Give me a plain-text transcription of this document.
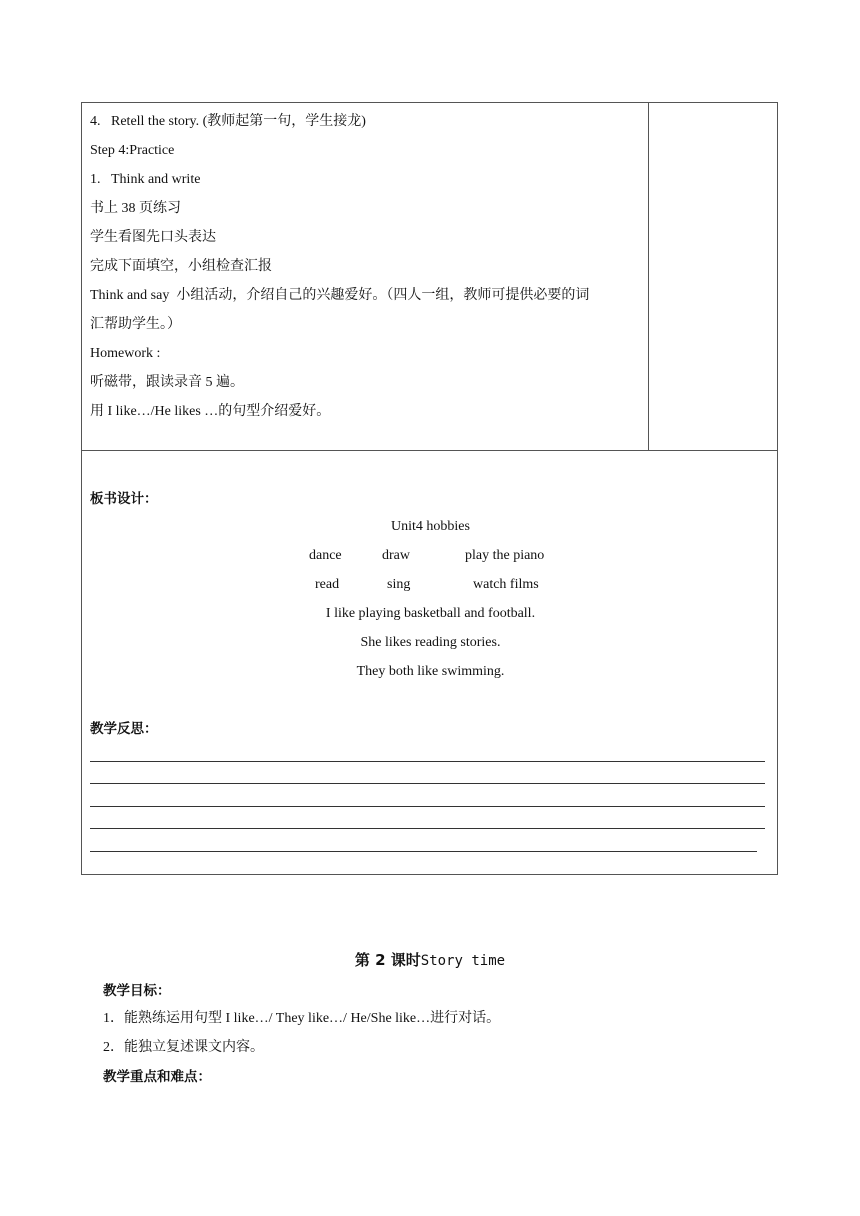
4.   Retell the story. (教师起第一句，学生接龙)
Step 4:Practice
1.   Think and write
书上 38 页练习
学生看图先口头表达
完成下面填空，小组检查汇报
Think and say  小组活动，介绍自己的兴趣爱好。（四人一组，教师可提供必要的词
汇帮助学生。）
Homework :
听磁带，跟读录音 5 遍。
用 I like…/He likes …的句型介绍爱好。
板书设计：
Unit4 hobbies
dance	draw	play the piano
read	sing	watch films
I like playing basketball and football.
She likes reading stories.
They both like swimming.
教学反思：
第 2 课时Story time
教学目标：
1．能熟练运用句型 I like…/ They like…/ He/She like…进行对话。
2．能独立复述课文内容。
教学重点和难点：
